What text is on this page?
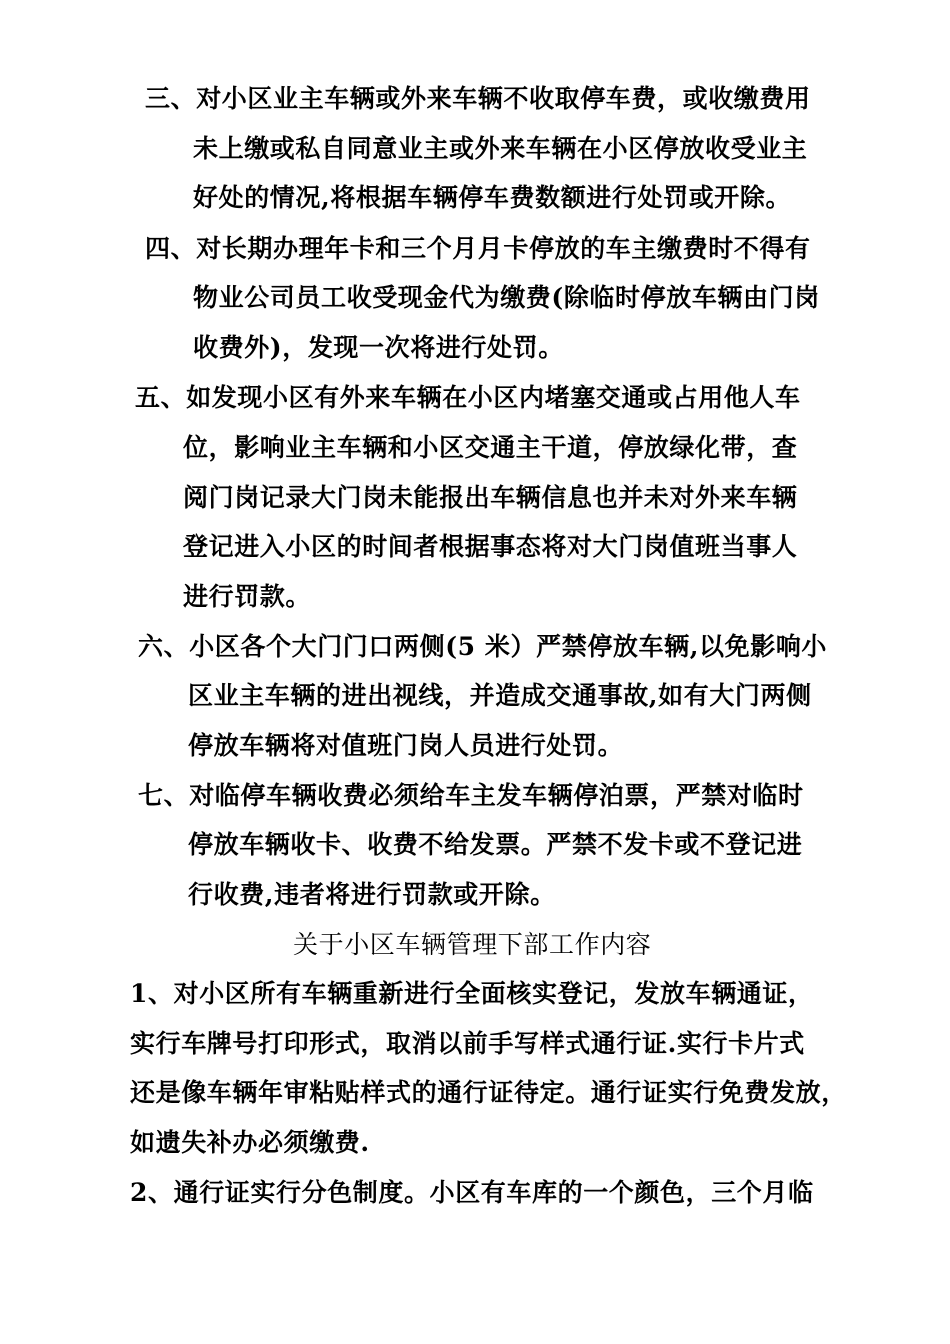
三、对小区业主车辆或外来车辆不收取停车费，或收缴费用
未上缴或私自同意业主或外来车辆在小区停放收受业主
好处的情况,将根据车辆停车费数额进行处罚或开除。
四、对长期办理年卡和三个月月卡停放的车主缴费时不得有
物业公司员工收受现金代为缴费(除临时停放车辆由门岗
收费外)，发现一次将进行处罚。
五、如发现小区有外来车辆在小区内堵塞交通或占用他人车
位，影响业主车辆和小区交通主干道，停放绿化带，查
阅门岗记录大门岗未能报出车辆信息也并未对外来车辆
登记进入小区的时间者根据事态将对大门岗值班当事人
进行罚款。
六、小区各个大门门口两侧(5 米）严禁停放车辆,以免影响小
区业主车辆的进出视线，并造成交通事故,如有大门两侧
停放车辆将对值班门岗人员进行处罚。
七、对临停车辆收费必须给车主发车辆停泊票，严禁对临时
停放车辆收卡、收费不给发票。严禁不发卡或不登记进
行收费,违者将进行罚款或开除。
关于小区车辆管理下部工作内容
1、对小区所有车辆重新进行全面核实登记，发放车辆通证，
实行车牌号打印形式，取消以前手写样式通行证.实行卡片式
还是像车辆年审粘贴样式的通行证待定。通行证实行免费发放，
如遗失补办必须缴费.
2、通行证实行分色制度。小区有车库的一个颜色，三个月临
